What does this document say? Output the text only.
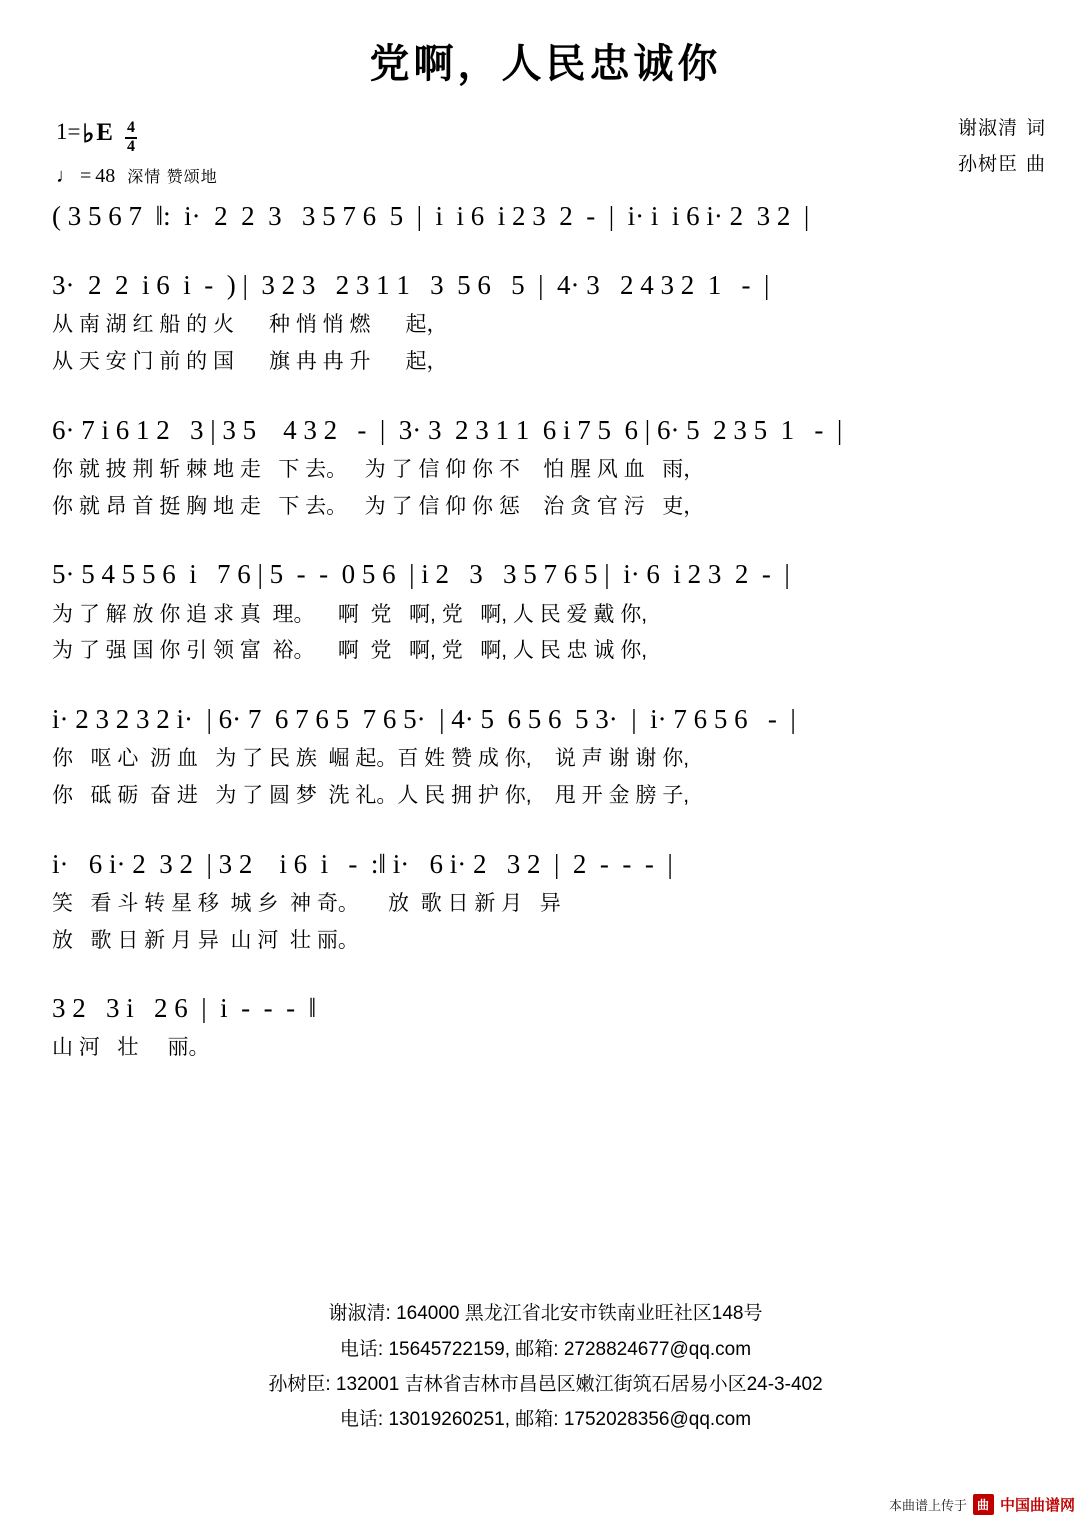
党啊，人民忠诚你
1= ♭ E $\frac{4}{4}$
♩ = 48 深情 赞颂地
谢淑清 词
孙树臣 曲
( 3 5 6 7  ‖:  i·  2  2  3   3 5 7 6  5  |  i  i 6  i 2 3  2  -  |  i· i  i 6 i· 2  3 2  |
3·  2  2  i 6  i  -  ) |  3 2 3   2 3 1 1   3  5 6   5  |  4· 3   2 4 3 2  1   -  |
从 南 湖 红 船 的 火      种 悄 悄 燃      起，
从 天 安 门 前 的 国      旗 冉 冉 升      起，
6· 7 i 6 1 2   3 | 3 5    4 3 2   -  |  3· 3  2 3 1 1  6 i 7 5  6 | 6· 5  2 3 5  1   -  |
你 就 披 荆 斩 棘 地 走   下 去。   为 了 信 仰 你 不    怕 腥 风 血   雨，
你 就 昂 首 挺 胸 地 走   下 去。   为 了 信 仰 你 惩    治 贪 官 污   吏，
5· 5 4 5 5 6  i   7 6 | 5  -  -  0 5 6  | i 2   3   3 5 7 6 5 |  i· 6  i 2 3  2  -  |
为 了 解 放 你 追 求 真  理。    啊  党   啊, 党   啊, 人 民 爱 戴 你,
为 了 强 国 你 引 领 富  裕。    啊  党   啊, 党   啊, 人 民 忠 诚 你,
i· 2 3 2 3 2 i·  | 6· 7  6 7 6 5  7 6 5·  | 4· 5  6 5 6  5 3·  |  i· 7 6 5 6   -  |
你   呕 心  沥 血   为 了 民 族  崛 起。百 姓 赞 成 你,    说 声 谢 谢 你,
你   砥 砺  奋 进   为 了 圆 梦  洗 礼。人 民 拥 护 你,    甩 开 金 膀 子,
i·   6 i· 2  3 2  | 3 2    i 6  i   -  :‖ i·   6 i· 2   3 2  |  2  -  -  -  |
笑   看 斗 转 星 移  城 乡  神 奇。     放  歌 日 新 月   异
放   歌 日 新 月 异  山 河  壮 丽。
3 2   3 i   2 6  |  i  -  -  -  ‖
山 河   壮     丽。
谢淑清: 164000 黑龙江省北安市铁南业旺社区148号
电话: 15645722159, 邮箱: 2728824677@qq.com
孙树臣: 132001 吉林省吉林市昌邑区嫩江街筑石居易小区24-3-402
电话: 13019260251, 邮箱: 1752028356@qq.com
本曲谱上传于 曲 中国曲谱网
